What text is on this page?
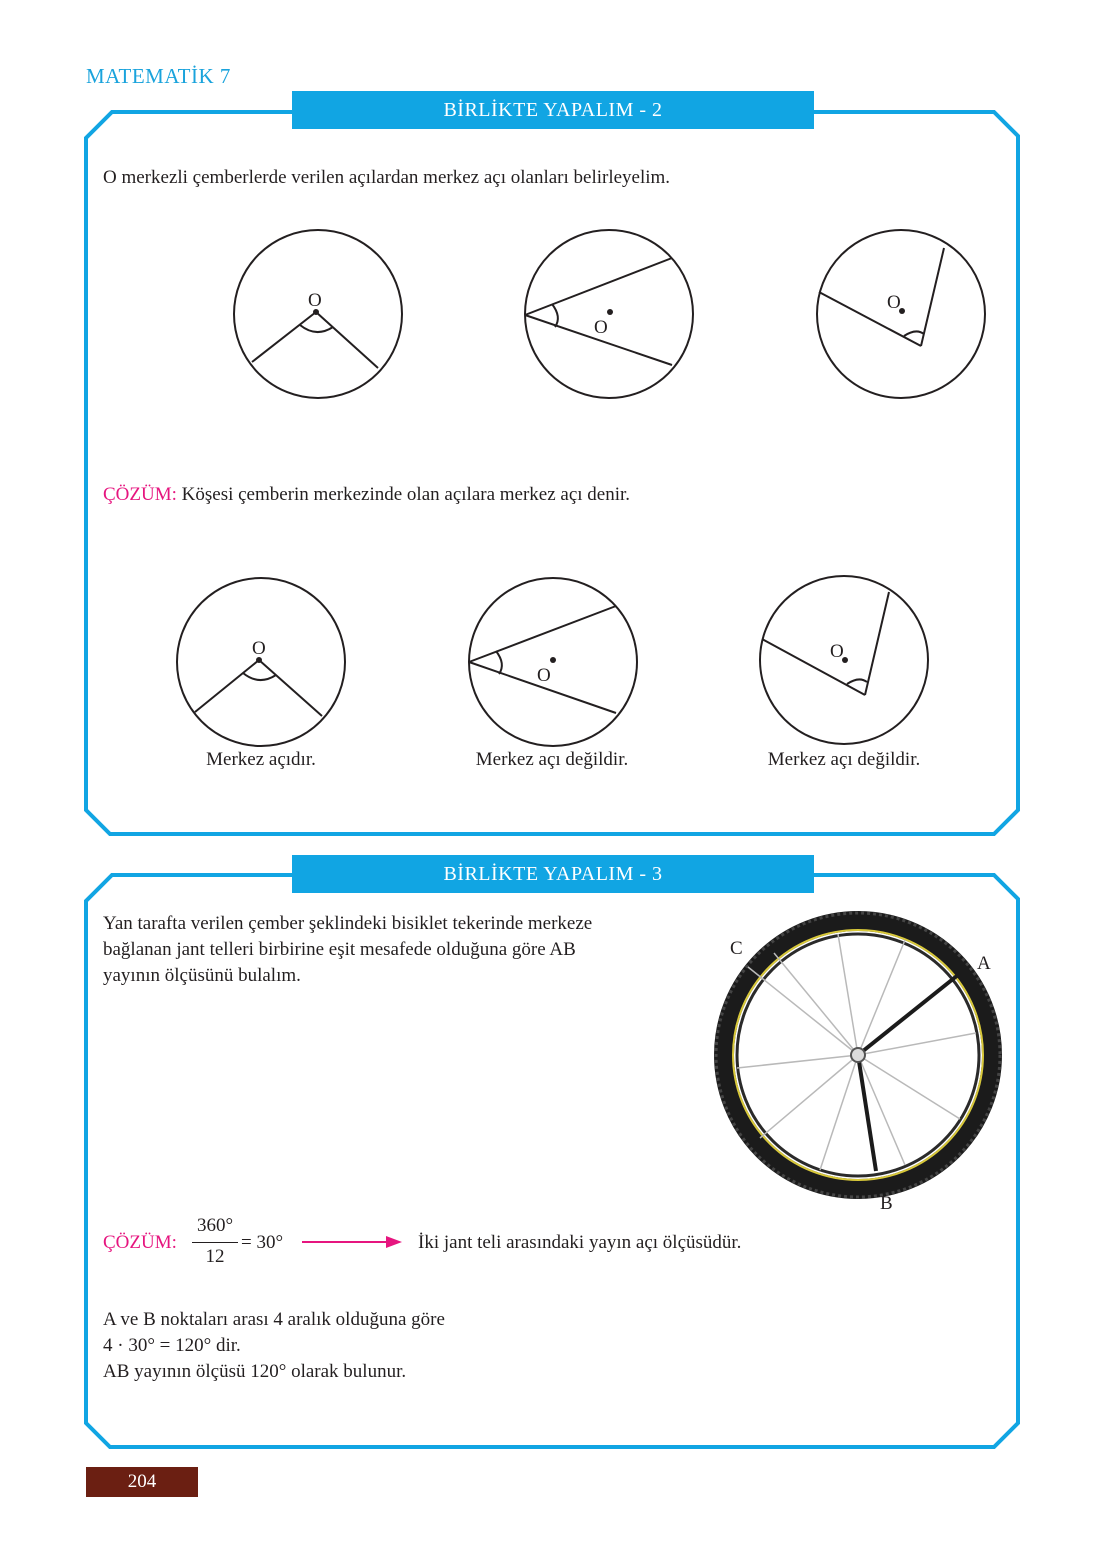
MATEMATİK 7
BİRLİKTE YAPALIM - 2
BİRLİKTE YAPALIM - 3
O merkezli çemberlerde verilen açılardan merkez açı olanları belirleyelim.
O
O
O
ÇÖZÜM: Köşesi çemberin merkezinde olan açılara merkez açı denir.
O
O
O
Merkez açıdır.	Merkez açı değildir.	Merkez açı değildir.
Yan tarafta verilen çember şeklindeki bisiklet tekerinde merkeze
bağlanan jant telleri birbirine eşit mesafede olduğuna göre AB
yayının ölçüsünü bulalım.
C
A
B
ÇÖZÜM:
360°
12
= 30°	İki jant teli arasındaki yayın açı ölçüsüdür.
A ve B noktaları arası 4 aralık olduğuna göre
4 · 30° = 120° dir.
AB yayının ölçüsü 120° olarak bulunur.
204
